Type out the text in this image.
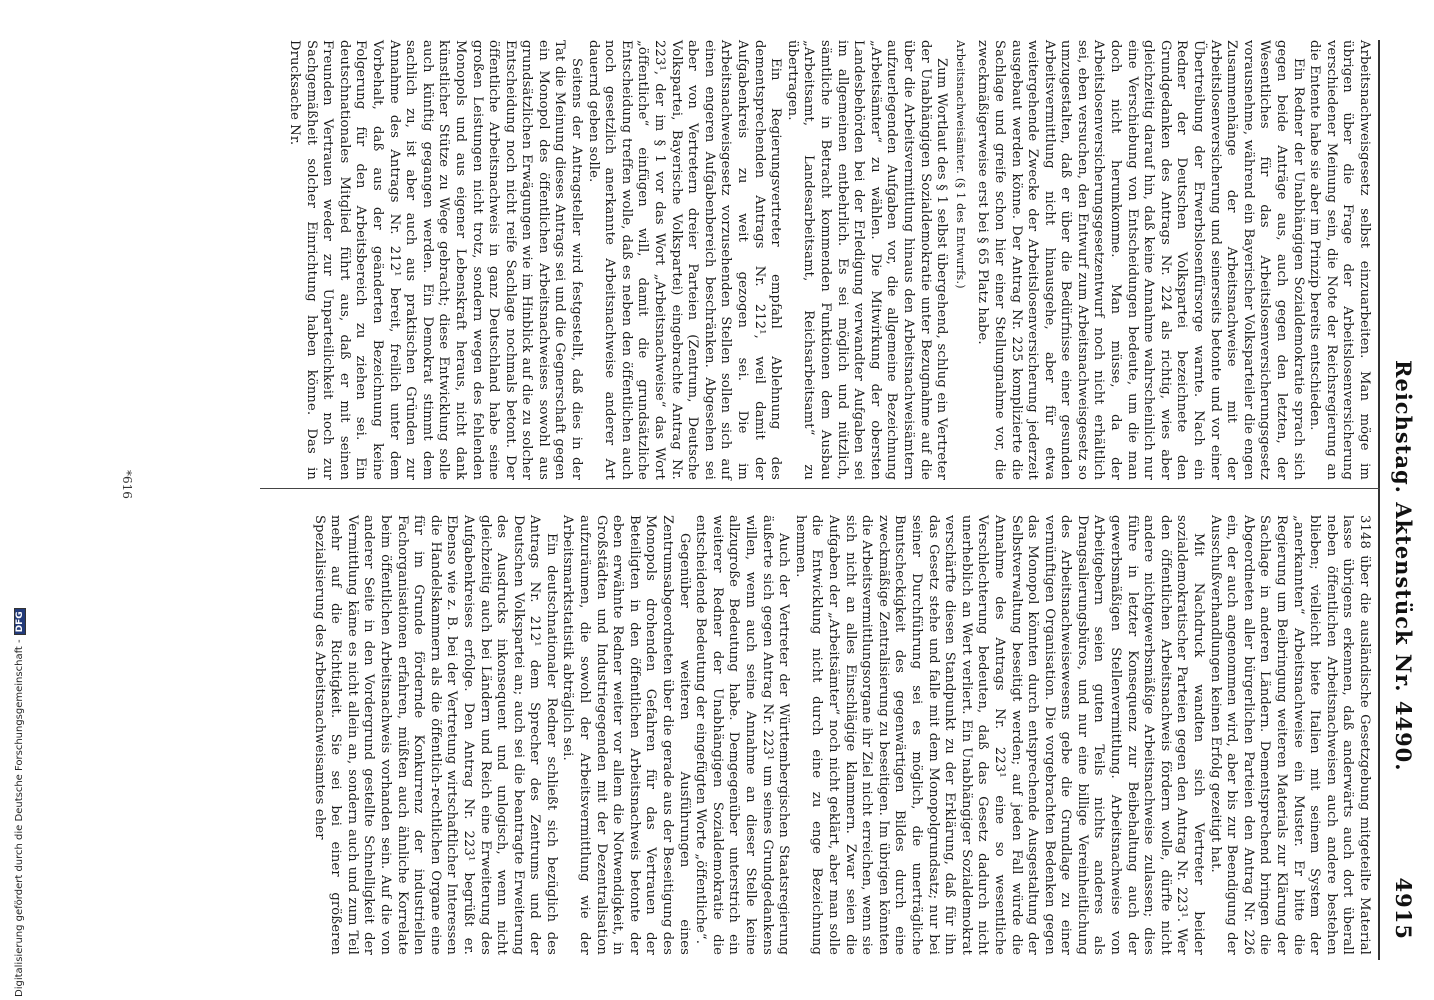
Reichstag. Aktenstück Nr. 4490.
4915

Arbeitsnachweisgesetz selbst einzuarbeiten. Man möge im übrigen über die Frage der Arbeitslosenversicherung verschiedener Meinung sein, die Note der Reichsregierung an die Entente habe sie aber im Prinzip bereits entschieden.

Ein Redner der Unabhängigen Sozialdemokratie sprach sich gegen beide Anträge aus, auch gegen den letzten, der Wesentliches für das Arbeitslosenversicherungsgesetz vorausnehme, während ein Bayerischer Volksparteiler die engen Zusammenhänge der Arbeitsnachweise mit der Arbeitslosenversicherung und seinerseits betonte und vor einer Übertreibung der Erwerbslosenfürsorge warnte. Nach ein Redner der Deutschen Volkspartei bezeichnete den Grundgedanken des Antrags Nr. 224 als richtig, wies aber gleichzeitig darauf hin, daß keine Annahme wahrscheinlich nur eine Verschiebung von Entscheidungen bedeute, um die man doch nicht herumkomme. Man müsse, da der Arbeitslosenversicherungsgesetzentwurf noch nicht erhältlich sei, eben versuchen, den Entwurf zum Arbeitsnachweisgesetz so umzugestalten, daß er über die Bedürfnisse einer gesunden Arbeitsvermittlung nicht hinausgehe, aber für etwa weitergehende Zwecke der Arbeitslosenversicherung jederzeit ausgebaut werden könne. Der Antrag Nr. 225 komplizierte die Sachlage und greife schon hier einer Stellungnahme vor, die zweckmäßigerweise erst bei § 65 Platz habe.

Arbeitsnachweisämter. (§ 1 des Entwurfs.)

Zum Wortlaut des § 1 selbst übergehend, schlug ein Vertreter der Unabhängigen Sozialdemokratie unter Bezugnahme auf die über die Arbeitsvermittlung hinaus den Arbeitsnachweisämtern aufzuerlegenden Aufgaben vor, die allgemeine Bezeichnung „Arbeitsämter“ zu wählen. Die Mitwirkung der obersten Landesbehörden bei der Erledigung verwandter Aufgaben sei im allgemeinen entbehrlich. Es sei möglich und nützlich, sämtliche in Betracht kommenden Funktionen dem Ausbau „Arbeitsamt, Landesarbeitsamt, Reichsarbeitsamt“ zu übertragen.

Ein Regierungsvertreter empfahl Ablehnung des dementsprechenden Antrags Nr. 212¹, weil damit der Aufgabenkreis zu weit gezogen sei. Die im Arbeitsnachweisgesetz vorzusehenden Stellen sollen sich auf einen engeren Aufgabenbereich beschränken. Abgesehen sei aber von Vertretern dreier Parteien (Zentrum, Deutsche Volkspartei, Bayerische Volkspartei) eingebrachte Antrag Nr. 223¹, der im § 1 vor das Wort „Arbeitsnachweise“ das Wort „öffentliche“ einfügen will, damit die grundsätzliche Entscheidung treffen wolle, daß es neben den öffentlichen auch noch gesetzlich anerkannte Arbeitsnachweise anderer Art dauernd geben solle.

Seitens der Antragsteller wird festgestellt, daß dies in der Tat die Meinung dieses Antrags sei und die Gegnerschaft gegen ein Monopol des öffentlichen Arbeitsnachweises sowohl aus grundsätzlichen Erwägungen wie im Hinblick auf die zu solcher Entscheidung noch nicht reife Sachlage nochmals betont. Der öffentliche Arbeitsnachweis in ganz Deutschland habe seine großen Leistungen nicht trotz, sondern wegen des fehlenden Monopols und aus eigener Lebenskraft heraus, nicht dank künstlicher Stütze zu Wege gebracht; diese Entwicklung solle auch künftig gegangen werden. Ein Demokrat stimmt dem sachlich zu, ist aber auch aus praktischen Gründen zur Annahme des Antrags Nr. 212¹ bereit, freilich unter dem Vorbehalt, daß aus der geänderten Bezeichnung keine Folgerung für den Arbeitsbereich zu ziehen sei. Ein deutschnationales Mitglied führt aus, daß er mit seinen Freunden Vertrauen weder zur Unparteilichkeit noch zur Sachgemäßheit solcher Einrichtung haben könne. Das in Drucksache Nr.

3148 über die ausländische Gesetzgebung mitgeteilte Material lasse übrigens erkennen, daß anderwärts auch dort überall neben öffentlichen Arbeitsnachweisen auch andere bestehen blieben; vielleicht biete Italien mit seinem System der „anerkannten“ Arbeitsnachweise ein Muster. Er bitte die Regierung um Beibringung weiteren Materials zur Klärung der Sachlage in anderen Ländern. Dementsprechend bringen die Abgeordneten aller bürgerlichen Parteien den Antrag Nr. 226 ein, der auch angenommen wird, aber bis zur Beendigung der Ausschußverhandlungen keinen Erfolg gezeitigt hat.

Mit Nachdruck wandten sich Vertreter beider sozialdemokratischer Parteien gegen den Antrag Nr. 223¹. Wer den öffentlichen Arbeitsnachweis fördern wolle, dürfte nicht andere nichtgewerbsmäßige Arbeitsnachweise zulassen; dies führe in letzter Konsequenz zur Beibehaltung auch der gewerbsmäßigen Stellenvermittlung. Arbeitsnachweise von Arbeitgebern seien guten Teils nichts anderes als Drangsalierungsbüros, und nur eine billige Vereinheitlichung des Arbeitsnachweisewesens gebe die Grundlage zu einer vernünftigen Organisation. Die vorgebrachten Bedenken gegen das Monopol könnten durch entsprechende Ausgestaltung der Selbstverwaltung beseitigt werden; auf jeden Fall würde die Annahme des Antrags Nr. 223¹ eine so wesentliche Verschlechterung bedeuten, daß das Gesetz dadurch nicht unerheblich an Wert verliert. Ein Unabhängiger Sozialdemokrat verschärfte diesen Standpunkt zu der Erklärung, daß für ihn das Gesetz stehe und falle mit dem Monopolgrundsatz; nur bei seiner Durchführung sei es möglich, die unerträgliche Buntscheckigkeit des gegenwärtigen Bildes durch eine zweckmäßige Zentralisierung zu beseitigen. Im übrigen könnten die Arbeitsvermittlungsorgane ihr Ziel nicht erreichen, wenn sie sich nicht an alles Einschlägige klammern. Zwar seien die Aufgaben der „Arbeitsämter“ noch nicht geklärt, aber man solle die Entwicklung nicht durch eine zu enge Bezeichnung hemmen.

Auch der Vertreter der Württembergischen Staatsregierung äußerte sich gegen Antrag Nr. 223¹ um seines Grundgedankens willen, wenn auch seine Annahme an dieser Stelle keine allzugroße Bedeutung habe. Demgegenüber unterstrich ein weiterer Redner der Unabhängigen Sozialdemokratie die entscheidende Bedeutung der eingefügten Worte „öffentliche“.

Gegenüber weiteren Ausführungen eines Zentrumsabgeordneten über die gerade aus der Beseitigung des Monopols drohenden Gefahren für das Vertrauen der Beteiligten in den öffentlichen Arbeitsnachweis betonte der eben erwähnte Redner weiter vor allem die Notwendigkeit, in Großstädten und Industriegegenden mit der Dezentralisation aufzuräumen, die sowohl der Arbeitsvermittlung wie der Arbeitsmarktstatistik abträglich sei.

Ein deutschnationaler Redner schließt sich bezüglich des Antrags Nr. 212¹ dem Sprecher des Zentrums und der Deutschen Volkspartei an; auch sei die beantragte Erweiterung des Ausdrucks inkonsequent und unlogisch, wenn nicht gleichzeitig auch bei Ländern und Reich eine Erweiterung des Aufgabenkreises erfolge. Den Antrag Nr. 223¹ begrüßt er. Ebenso wie z. B. bei der Vertretung wirtschaftlicher Interessen die Handelskammern als die öffentlich-rechtlichen Organe eine für im Grunde fördernde Konkurrenz der industriellen Fachorganisationen erfahren, müßten auch ähnliche Korrelate beim öffentlichen Arbeitsnachweis vorhanden sein. Auf die von anderer Seite in den Vordergrund gestellte Schnelligkeit der Vermittlung käme es nicht allein an, sondern auch und zum Teil mehr auf die Richtigkeit. Sie sei bei einer größeren Spezialisierung des Arbeitsnachweisamtes eher

*616
Digitalisierung gefördert durch die Deutsche Forschungsgemeinschaft -DFG
